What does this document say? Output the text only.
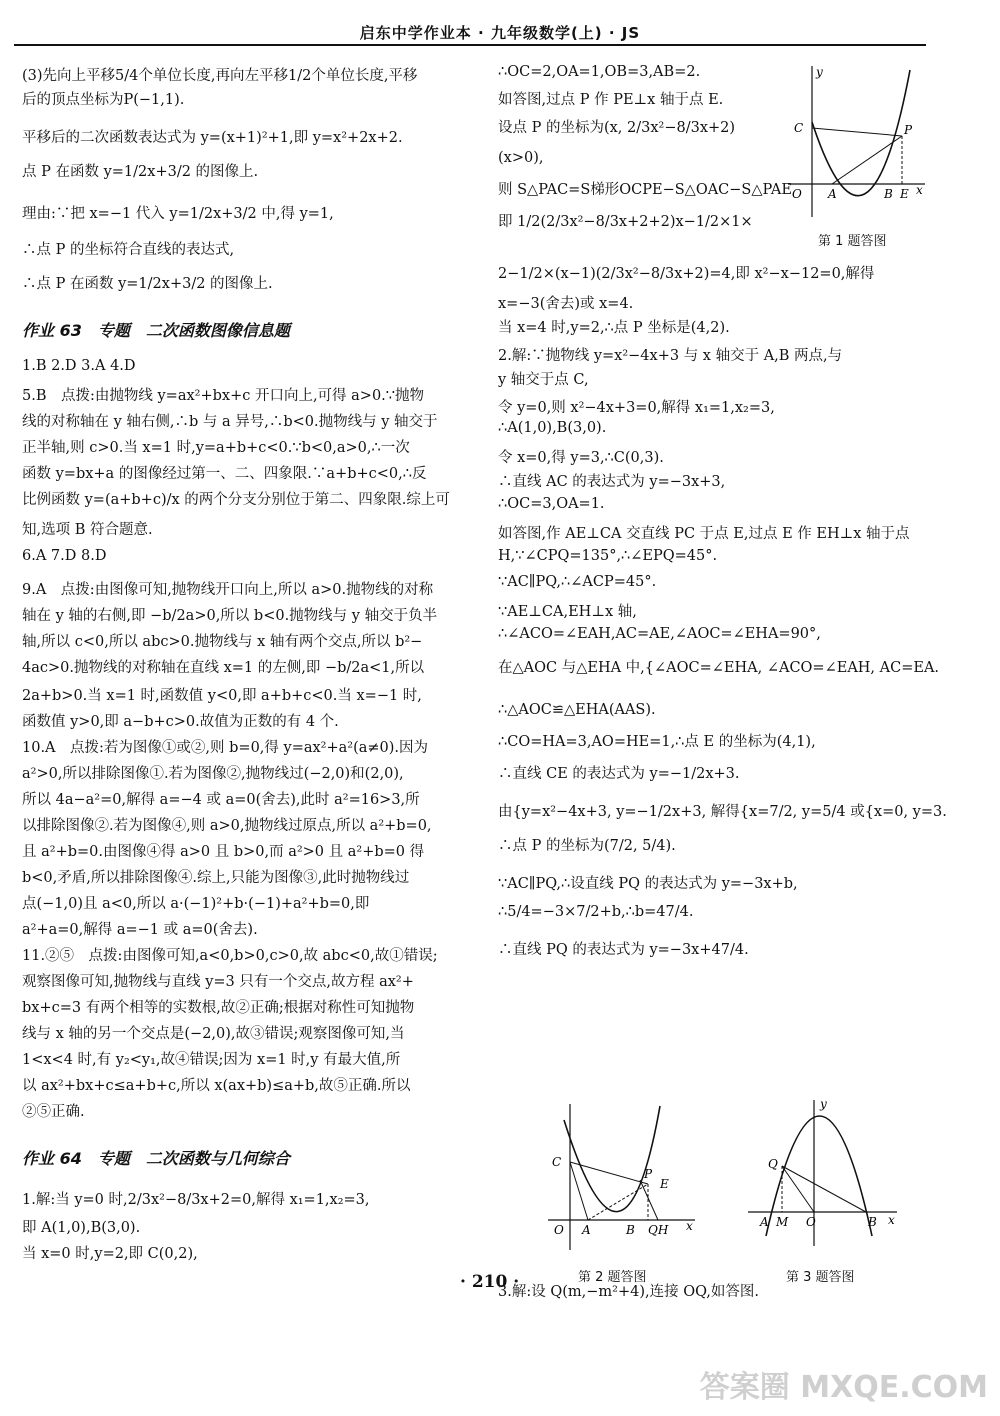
启东中学作业本 · 九年级数学(上) · JS
(3)先向上平移5/4个单位长度,再向左平移1/2个单位长度,平移
后的顶点坐标为P(−1,1).
平移后的二次函数表达式为 y=(x+1)²+1,即 y=x²+2x+2.
点 P 在函数 y=1/2x+3/2 的图像上.
理由:∵把 x=−1 代入 y=1/2x+3/2 中,得 y=1,
∴点 P 的坐标符合直线的表达式,
∴点 P 在函数 y=1/2x+3/2 的图像上.
作业 63　专题　二次函数图像信息题
1.B 2.D 3.A 4.D
5.B　点拨:由抛物线 y=ax²+bx+c 开口向上,可得 a>0.∵抛物
线的对称轴在 y 轴右侧,∴b 与 a 异号,∴b<0.抛物线与 y 轴交于
正半轴,则 c>0.当 x=1 时,y=a+b+c<0.∵b<0,a>0,∴一次
函数 y=bx+a 的图像经过第一、二、四象限.∵a+b+c<0,∴反
比例函数 y=(a+b+c)/x 的两个分支分别位于第二、四象限.综上可
知,选项 B 符合题意.
6.A 7.D 8.D
9.A　点拨:由图像可知,抛物线开口向上,所以 a>0.抛物线的对称
轴在 y 轴的右侧,即 −b/2a>0,所以 b<0.抛物线与 y 轴交于负半
轴,所以 c<0,所以 abc>0.抛物线与 x 轴有两个交点,所以 b²−
4ac>0.抛物线的对称轴在直线 x=1 的左侧,即 −b/2a<1,所以
2a+b>0.当 x=1 时,函数值 y<0,即 a+b+c<0.当 x=−1 时,
函数值 y>0,即 a−b+c>0.故值为正数的有 4 个.
10.A　点拨:若为图像①或②,则 b=0,得 y=ax²+a²(a≠0).因为
a²>0,所以排除图像①.若为图像②,抛物线过(−2,0)和(2,0),
所以 4a−a²=0,解得 a=−4 或 a=0(舍去),此时 a²=16>3,所
以排除图像②.若为图像④,则 a>0,抛物线过原点,所以 a²+b=0,
且 a²+b=0.由图像④得 a>0 且 b>0,而 a²>0 且 a²+b=0 得
b<0,矛盾,所以排除图像④.综上,只能为图像③,此时抛物线过
点(−1,0)且 a<0,所以 a·(−1)²+b·(−1)+a²+b=0,即
a²+a=0,解得 a=−1 或 a=0(舍去).
11.②⑤　点拨:由图像可知,a<0,b>0,c>0,故 abc<0,故①错误;
观察图像可知,抛物线与直线 y=3 只有一个交点,故方程 ax²+
bx+c=3 有两个相等的实数根,故②正确;根据对称性可知抛物
线与 x 轴的另一个交点是(−2,0),故③错误;观察图像可知,当
1<x<4 时,有 y₂<y₁,故④错误;因为 x=1 时,y 有最大值,所
以 ax²+bx+c≤a+b+c,所以 x(ax+b)≤a+b,故⑤正确.所以
②⑤正确.
作业 64　专题　二次函数与几何综合
1.解:当 y=0 时,2/3x²−8/3x+2=0,解得 x₁=1,x₂=3,
即 A(1,0),B(3,0).
当 x=0 时,y=2,即 C(0,2),
∴OC=2,OA=1,OB=3,AB=2.
如答图,过点 P 作 PE⊥x 轴于点 E.
设点 P 的坐标为(x, 2/3x²−8/3x+2)
(x>0),
则 S△PAC=S梯形OCPE−S△OAC−S△PAE
即 1/2(2/3x²−8/3x+2+2)x−1/2×1×
2−1/2×(x−1)(2/3x²−8/3x+2)=4,即 x²−x−12=0,解得
x=−3(舍去)或 x=4.
当 x=4 时,y=2,∴点 P 坐标是(4,2).
2.解:∵抛物线 y=x²−4x+3 与 x 轴交于 A,B 两点,与
y 轴交于点 C,
令 y=0,则 x²−4x+3=0,解得 x₁=1,x₂=3,
∴A(1,0),B(3,0).
令 x=0,得 y=3,∴C(0,3).
∴直线 AC 的表达式为 y=−3x+3,
∴OC=3,OA=1.
如答图,作 AE⊥CA 交直线 PC 于点 E,过点 E 作 EH⊥x 轴于点
H,∵∠CPQ=135°,∴∠EPQ=45°.
∵AC∥PQ,∴∠ACP=45°.
∵AE⊥CA,EH⊥x 轴,
∴∠ACO=∠EAH,AC=AE,∠AOC=∠EHA=90°,
在△AOC 与△EHA 中,{∠AOC=∠EHA, ∠ACO=∠EAH, AC=EA.
∴△AOC≌△EHA(AAS).
∴CO=HA=3,AO=HE=1,∴点 E 的坐标为(4,1),
∴直线 CE 的表达式为 y=−1/2x+3.
由{y=x²−4x+3, y=−1/2x+3, 解得{x=7/2, y=5/4 或{x=0, y=3.
∴点 P 的坐标为(7/2, 5/4).
∵AC∥PQ,∴设直线 PQ 的表达式为 y=−3x+b,
∴5/4=−3×7/2+b,∴b=47/4.
∴直线 PQ 的表达式为 y=−3x+47/4.
3.解:设 Q(m,−m²+4),连接 OQ,如答图.
y
C	P
O A	B E x
第 1 题答图
C
P
E
O A	B QH x
第 2 题答图
y
Q
A M O	B x
第 3 题答图
· 210 ·
答案圈 MXQE.COM
